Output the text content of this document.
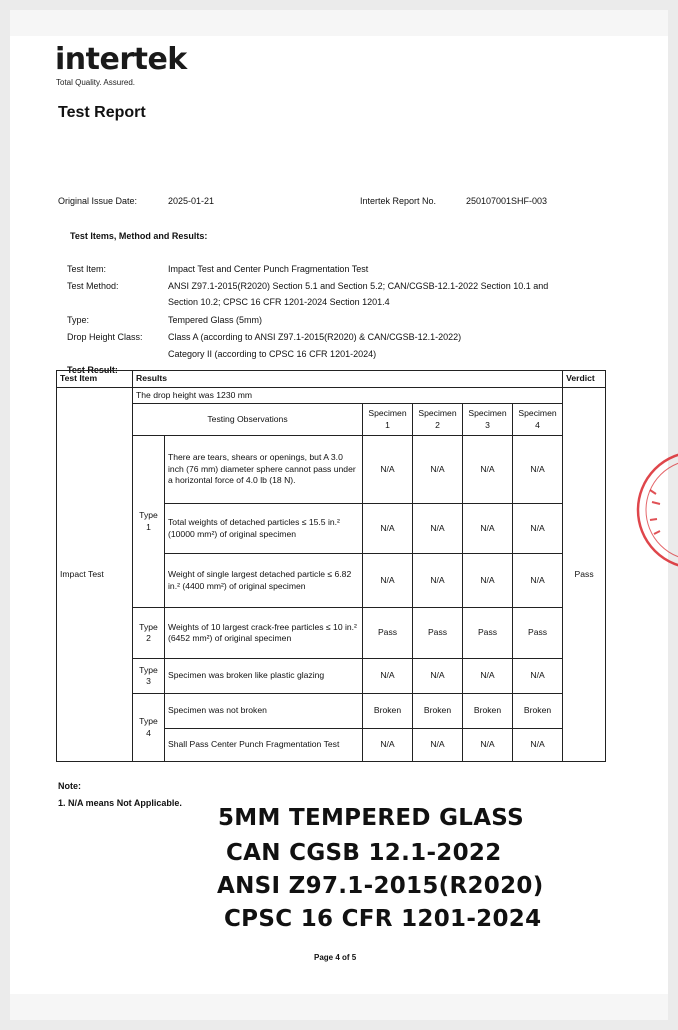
intertek
Total Quality. Assured.
Test Report
Original Issue Date:	2025-01-21	Intertek Report No.	250107001SHF-003
Test Items, Method and Results:
Test Item:	Impact Test and Center Punch Fragmentation Test
Test Method:	ANSI Z97.1-2015(R2020) Section 5.1 and Section 5.2; CAN/CGSB-12.1-2022 Section 10.1 and
Section 10.2; CPSC 16 CFR 1201-2024 Section 1201.4
Type:	Tempered Glass (5mm)
Drop Height Class:	Class A (according to ANSI Z97.1-2015(R2020) & CAN/CGSB-12.1-2022)
Category II (according to CPSC 16 CFR 1201-2024)
Test Result:
Test Item	Results						Verdict
Impact Test	The drop height was 1230 mm						Pass
	Testing Observations		Specimen 1	Specimen 2	Specimen 3	Specimen 4	
	Type 1	There are tears, shears or openings, but A 3.0 inch (76 mm) diameter sphere cannot pass under a horizontal force of 4.0 lb (18 N).	N/A	N/A	N/A	N/A	
		Total weights of detached particles ≤ 15.5 in.² (10000 mm²) of original specimen	N/A	N/A	N/A	N/A	
		Weight of single largest detached particle ≤ 6.82 in.² (4400 mm²) of original specimen	N/A	N/A	N/A	N/A	
	Type 2	Weights of 10 largest crack-free particles ≤ 10 in.² (6452 mm²) of original specimen	Pass	Pass	Pass	Pass	
	Type 3	Specimen was broken like plastic glazing	N/A	N/A	N/A	N/A	
	Type 4	Specimen was not broken	Broken	Broken	Broken	Broken	
		Shall Pass Center Punch Fragmentation Test	N/A	N/A	N/A	N/A	
Note:
1. N/A means Not Applicable.
5MM TEMPERED GLASS
CAN CGSB 12.1-2022
ANSI Z97.1-2015(R2020)
CPSC 16 CFR 1201-2024
Page 4 of 5
